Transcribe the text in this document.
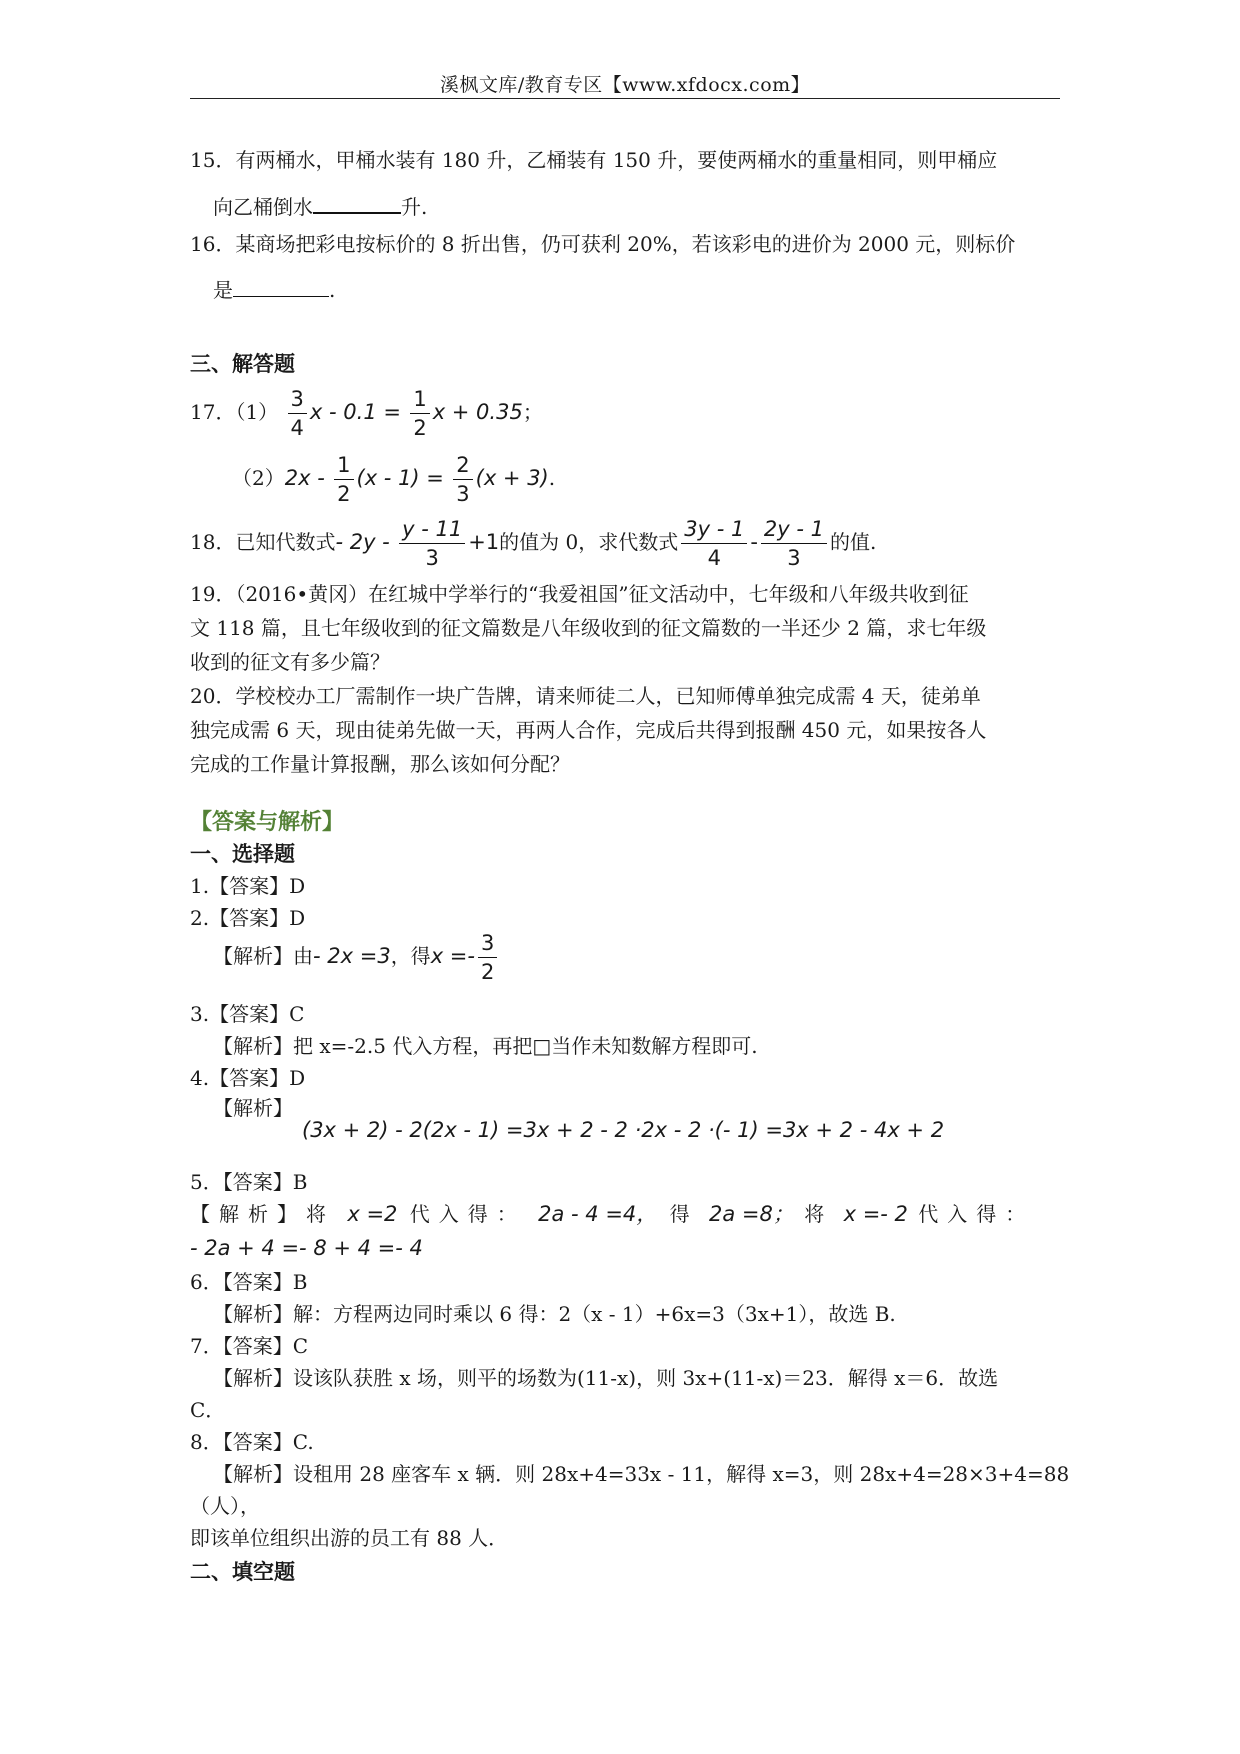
溪枫文库/教育专区【www.xfdocx.com】
15．有两桶水，甲桶水装有 180 升，乙桶装有 150 升，要使两桶水的重量相同，则甲桶应
向乙桶倒水	升.
16．某商场把彩电按标价的 8 折出售，仍可获利 20%，若该彩电的进价为 2000 元，则标价
是	.
三、解答题
17．$(1) \frac{3}{4}$ $x - 0.1 = \frac{1}{2}$ x + 0.35；
$(2)2x - \frac{1}{2} (x - 1) = \frac{2}{3} (x + 3)$.
18．已知代数式- $2y - \frac{y - 11}{3} +1$的值为 0，求代数式 $\frac{3y - 1}{4} - \frac{2y - 1}{3}$ 的值.
19．（2016•黄冈）在红城中学举行的“我爱祖国”征文活动中，七年级和八年级共收到征
文 118 篇，且七年级收到的征文篇数是八年级收到的征文篇数的一半还少 2 篇，求七年级
收到的征文有多少篇？
20．学校校办工厂需制作一块广告牌，请来师徒二人，已知师傅单独完成需 4 天，徒弟单
独完成需 6 天，现由徒弟先做一天，再两人合作，完成后共得到报酬 450 元，如果按各人
完成的工作量计算报酬，那么该如何分配？
【答案与解析】
一、选择题
1.【答案】D
2.【答案】D
【解析】由- 2x =3，得$x =- \frac{3}{2}$
3.【答案】C
【解析】把 x=-2.5 代入方程，再把□当作未知数解方程即可.
4.【答案】D
【解析】
(3x + 2) - 2(2x - 1) =3x + 2 - 2 ·2x - 2 ·(- 1) =3x + 2 - 4x + 2
5．【答案】B
【解析】将 x =2 代入得： 2a - 4 =4， 得 2a =8； 将 x =- 2 代入得：
- 2a + 4 =- 8 + 4 =- 4
6．【答案】B
【解析】解：方程两边同时乘以 6 得：2（x - 1）+6x=3（3x+1），故选 B.
7．【答案】C
【解析】设该队获胜 x 场，则平的场数为(11-x)，则 3x+(11-x)＝23．解得 x＝6．故选
C．
8．【答案】C.
【解析】设租用 28 座客车 x 辆．则 28x+4=33x - 11，解得 x=3，则 28x+4=28×3+4=88
（人），
即该单位组织出游的员工有 88 人．
二、填空题
